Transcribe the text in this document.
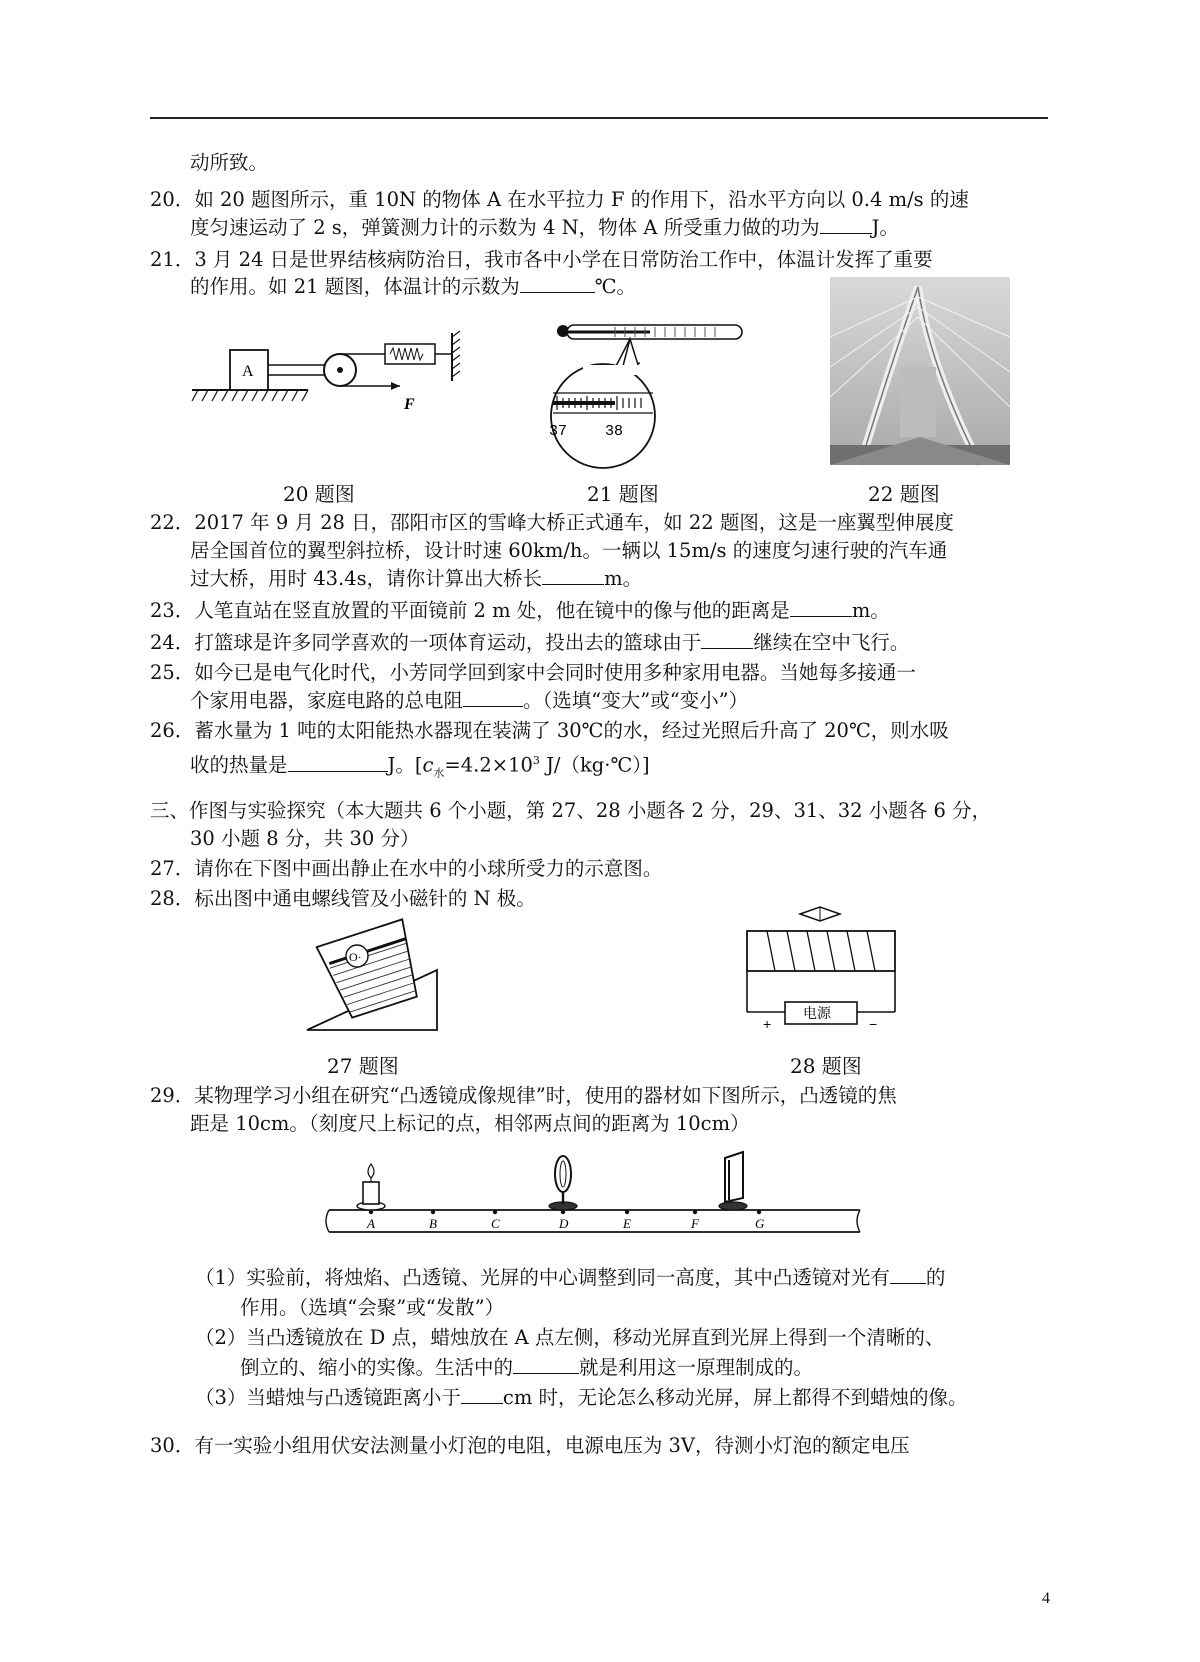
动所致。
20．如 20 题图所示，重 10N 的物体 A 在水平拉力 F 的作用下，沿水平方向以 0.4 m/s 的速
度匀速运动了 2 s，弹簧测力计的示数为 4 N，物体 A 所受重力做的功为	J。
21．3 月 24 日是世界结核病防治日，我市各中小学在日常防治工作中，体温计发挥了重要
的作用。如 21 题图，体温计的示数为	℃。
A
F
37	38
20 题图	21 题图	22 题图
22．2017 年 9 月 28 日，邵阳市区的雪峰大桥正式通车，如 22 题图，这是一座翼型伸展度
居全国首位的翼型斜拉桥，设计时速 60km/h。一辆以 15m/s 的速度匀速行驶的汽车通
过大桥，用时 43.4s，请你计算出大桥长	m。
23．人笔直站在竖直放置的平面镜前 2 m 处，他在镜中的像与他的距离是	m。
24．打篮球是许多同学喜欢的一项体育运动，投出去的篮球由于	继续在空中飞行。
25．如今已是电气化时代，小芳同学回到家中会同时使用多种家用电器。当她每多接通一
个家用电器，家庭电路的总电阻	。（选填“变大”或“变小”）
26．蓄水量为 1 吨的太阳能热水器现在装满了 30℃的水，经过光照后升高了 20℃，则水吸
收的热量是	J。[$c_水=4.2\times 10^3$ J/（kg·℃）]
三、作图与实验探究（本大题共 6 个小题，第 27、28 小题各 2 分，29、31、32 小题各 6 分，
30 小题 8 分，共 30 分）
27．请你在下图中画出静止在水中的小球所受力的示意图。
28．标出图中通电螺线管及小磁针的 N 极。
O·
电源
+	−
27 题图	28 题图
29．某物理学习小组在研究“凸透镜成像规律”时，使用的器材如下图所示，凸透镜的焦
距是 10cm。（刻度尺上标记的点，相邻两点间的距离为 10cm）
A	B	C	D	E	F	G
（1）实验前，将烛焰、凸透镜、光屏的中心调整到同一高度，其中凸透镜对光有 的
作用。（选填“会聚”或“发散”）
（2）当凸透镜放在 D 点，蜡烛放在 A 点左侧，移动光屏直到光屏上得到一个清晰的、
倒立的、缩小的实像。生活中的	就是利用这一原理制成的。
（3）当蜡烛与凸透镜距离小于 cm 时，无论怎么移动光屏，屏上都得不到蜡烛的像。
30．有一实验小组用伏安法测量小灯泡的电阻，电源电压为 3V，待测小灯泡的额定电压
4
